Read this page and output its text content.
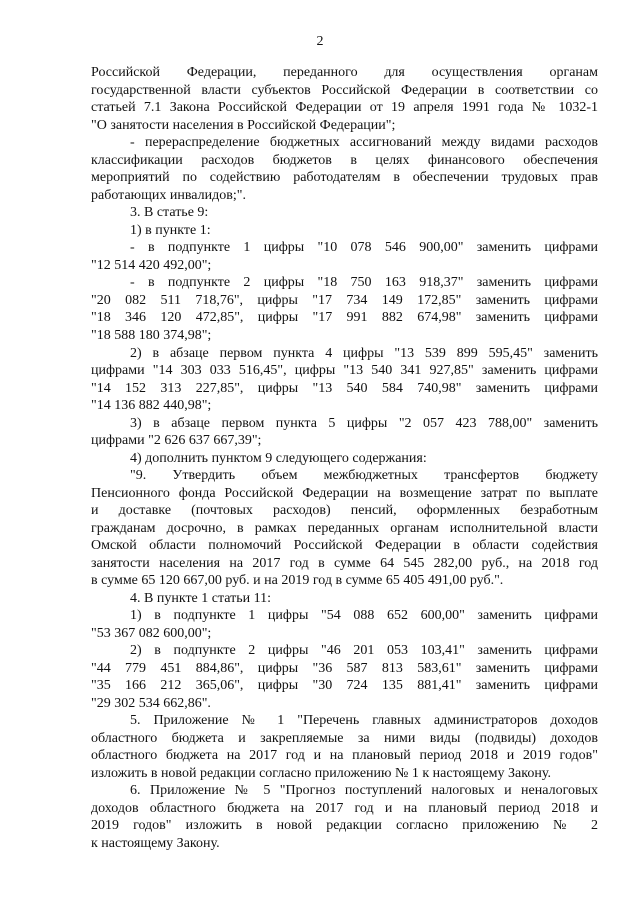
2
Российской Федерации, переданного для осуществления органам
государственной власти субъектов Российской Федерации в соответствии со
статьей 7.1 Закона Российской Федерации от 19 апреля 1991 года № 1032-1
"О занятости населения в Российской Федерации";
- перераспределение бюджетных ассигнований между видами расходов
классификации расходов бюджетов в целях финансового обеспечения
мероприятий по содействию работодателям в обеспечении трудовых прав
работающих инвалидов;".
3. В статье 9:
1) в пункте 1:
- в подпункте 1 цифры "10 078 546 900,00" заменить цифрами
"12 514 420 492,00";
- в подпункте 2 цифры "18 750 163 918,37" заменить цифрами
"20 082 511 718,76", цифры "17 734 149 172,85" заменить цифрами
"18 346 120 472,85", цифры "17 991 882 674,98" заменить цифрами
"18 588 180 374,98";
2) в абзаце первом пункта 4 цифры "13 539 899 595,45" заменить
цифрами "14 303 033 516,45", цифры "13 540 341 927,85" заменить цифрами
"14 152 313 227,85", цифры "13 540 584 740,98" заменить цифрами
"14 136 882 440,98";
3) в абзаце первом пункта 5 цифры "2 057 423 788,00" заменить
цифрами "2 626 637 667,39";
4) дополнить пунктом 9 следующего содержания:
"9. Утвердить объем межбюджетных трансфертов бюджету
Пенсионного фонда Российской Федерации на возмещение затрат по выплате
и доставке (почтовых расходов) пенсий, оформленных безработным
гражданам досрочно, в рамках переданных органам исполнительной власти
Омской области полномочий Российской Федерации в области содействия
занятости населения на 2017 год в сумме 64 545 282,00 руб., на 2018 год
в сумме 65 120 667,00 руб. и на 2019 год в сумме 65 405 491,00 руб.".
4. В пункте 1 статьи 11:
1) в подпункте 1 цифры "54 088 652 600,00" заменить цифрами
"53 367 082 600,00";
2) в подпункте 2 цифры "46 201 053 103,41" заменить цифрами
"44 779 451 884,86", цифры "36 587 813 583,61" заменить цифрами
"35 166 212 365,06", цифры "30 724 135 881,41" заменить цифрами
"29 302 534 662,86".
5. Приложение № 1 "Перечень главных администраторов доходов
областного бюджета и закрепляемые за ними виды (подвиды) доходов
областного бюджета на 2017 год и на плановый период 2018 и 2019 годов"
изложить в новой редакции согласно приложению № 1 к настоящему Закону.
6. Приложение № 5 "Прогноз поступлений налоговых и неналоговых
доходов областного бюджета на 2017 год и на плановый период 2018 и
2019 годов" изложить в новой редакции согласно приложению № 2
к настоящему Закону.
